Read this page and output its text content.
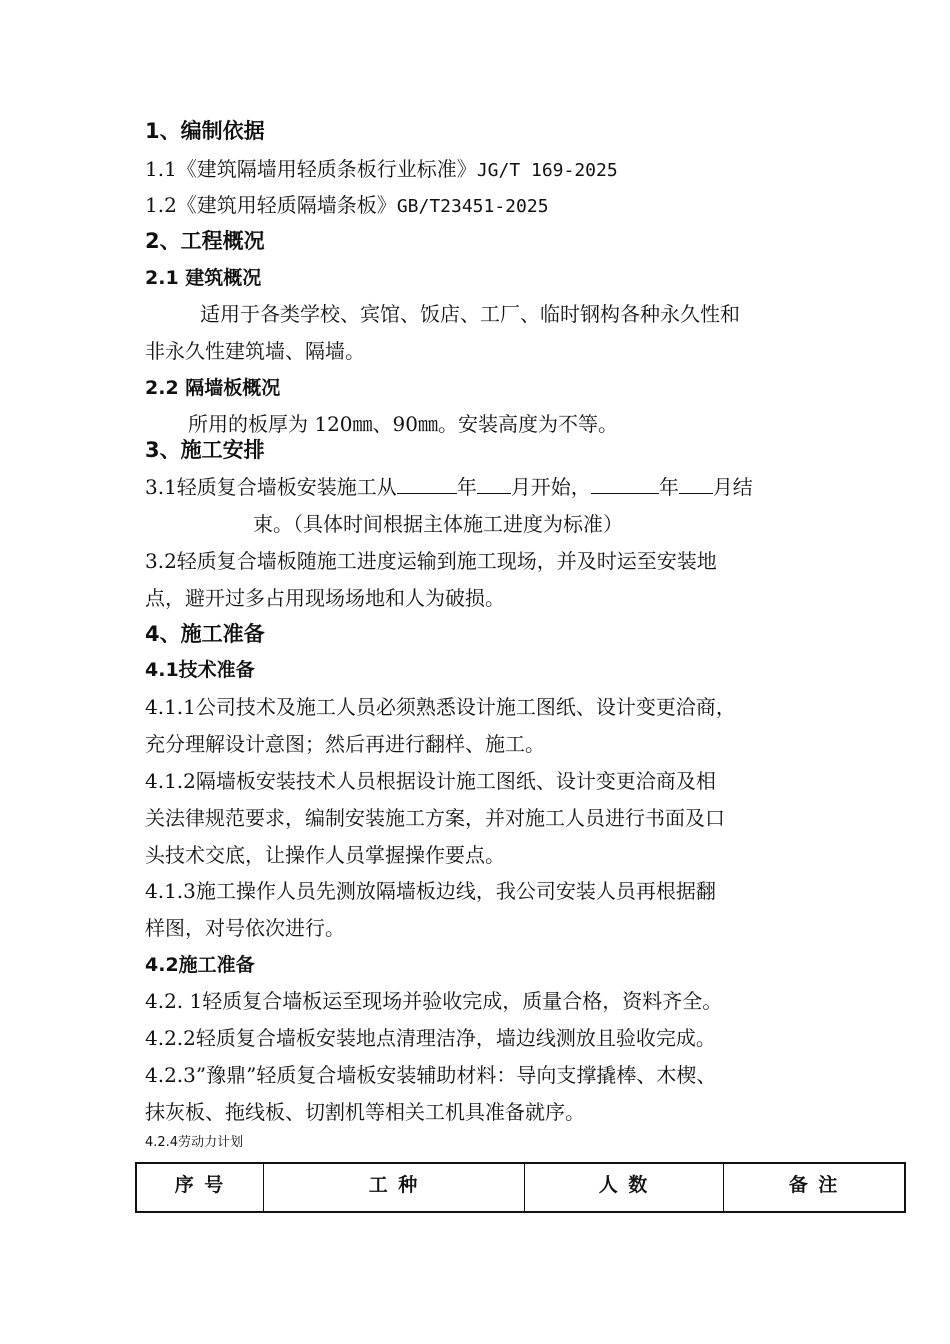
1、编制依据
1.1《建筑隔墙用轻质条板行业标准》JG/T 169-2025
1.2《建筑用轻质隔墙条板》GB/T23451-2025
2、工程概况
2.1 建筑概况
适用于各类学校、宾馆、饭店、工厂、临时钢构各种永久性和
非永久性建筑墙、隔墙。
2.2 隔墙板概况
所用的板厚为 120㎜、90㎜。安装高度为不等。
3、施工安排
3.1轻质复合墙板安装施工从	年 月开始，	年 月结
束。（具体时间根据主体施工进度为标准）
3.2轻质复合墙板随施工进度运输到施工现场，并及时运至安装地
点，避开过多占用现场场地和人为破损。
4、施工准备
4.1技术准备
4.1.1公司技术及施工人员必须熟悉设计施工图纸、设计变更洽商，
充分理解设计意图；然后再进行翻样、施工。
4.1.2隔墙板安装技术人员根据设计施工图纸、设计变更洽商及相
关法律规范要求，编制安装施工方案，并对施工人员进行书面及口
头技术交底，让操作人员掌握操作要点。
4.1.3施工操作人员先测放隔墙板边线，我公司安装人员再根据翻
样图，对号依次进行。
4.2施工准备
4.2. 1轻质复合墙板运至现场并验收完成，质量合格，资料齐全。
4.2.2轻质复合墙板安装地点清理洁净，墙边线测放且验收完成。
4.2.3”豫鼎”轻质复合墙板安装辅助材料：导向支撑撬棒、木楔、
抹灰板、拖线板、切割机等相关工机具准备就序。
4.2.4劳动力计划
序 号	工 种	人 数	备 注
